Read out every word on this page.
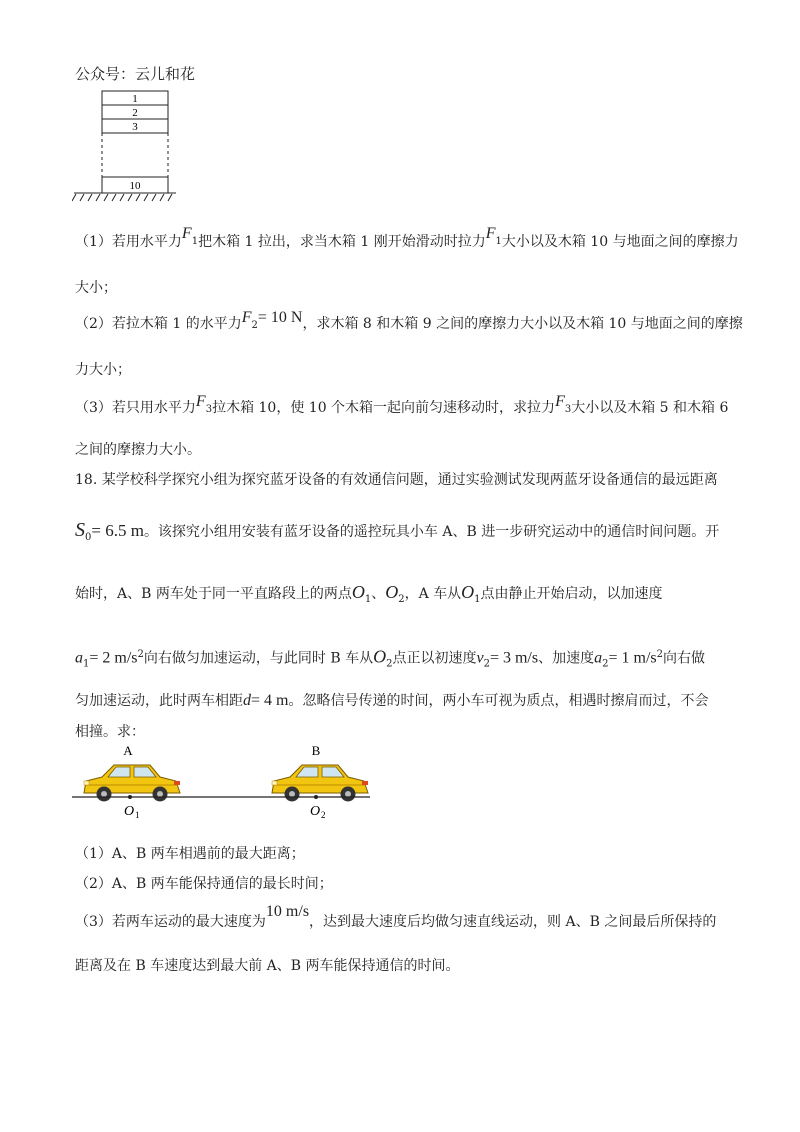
公众号：云儿和花
1
2
3
10
（1）若用水平力$F_1$把木箱 1 拉出，求当木箱 1 刚开始滑动时拉力$F_1$大小以及木箱 10 与地面之间的摩擦力
大小；
（2）若拉木箱 1 的水平力$F_2= 10$ N，求木箱 8 和木箱 9 之间的摩擦力大小以及木箱 10 与地面之间的摩擦
力大小；
（3）若只用水平力$F_3$拉木箱 10，使 10 个木箱一起向前匀速移动时，求拉力$F_3$大小以及木箱 5 和木箱 6
之间的摩擦力大小。
18. 某学校科学探究小组为探究蓝牙设备的有效通信问题，通过实验测试发现两蓝牙设备通信的最远距离
$S_0= 6.5$ m。该探究小组用安装有蓝牙设备的遥控玩具小车 A、B 进一步研究运动中的通信时间问题。开
始时，A、B 两车处于同一平直路段上的两点$O_1$、$O_2$，A 车从$O_1$点由静止开始启动，以加速度
$a_1= 2$ $m/s^2$向右做匀加速运动，与此同时 B 车从$O_2$点正以初速度$v_2= 3$ m/s、加速度$a_2= 1$ $m/s^2$向右做
匀加速运动，此时两车相距d= 4 m。忽略信号传递的时间，两小车可视为质点，相遇时擦肩而过，不会
相撞。求：
A	B
O 1	O 2
（1）A、B 两车相遇前的最大距离；
（2）A、B 两车能保持通信的最长时间；
（3）若两车运动的最大速度为10 m/s，达到最大速度后均做匀速直线运动，则 A、B 之间最后所保持的
距离及在 B 车速度达到最大前 A、B 两车能保持通信的时间。
